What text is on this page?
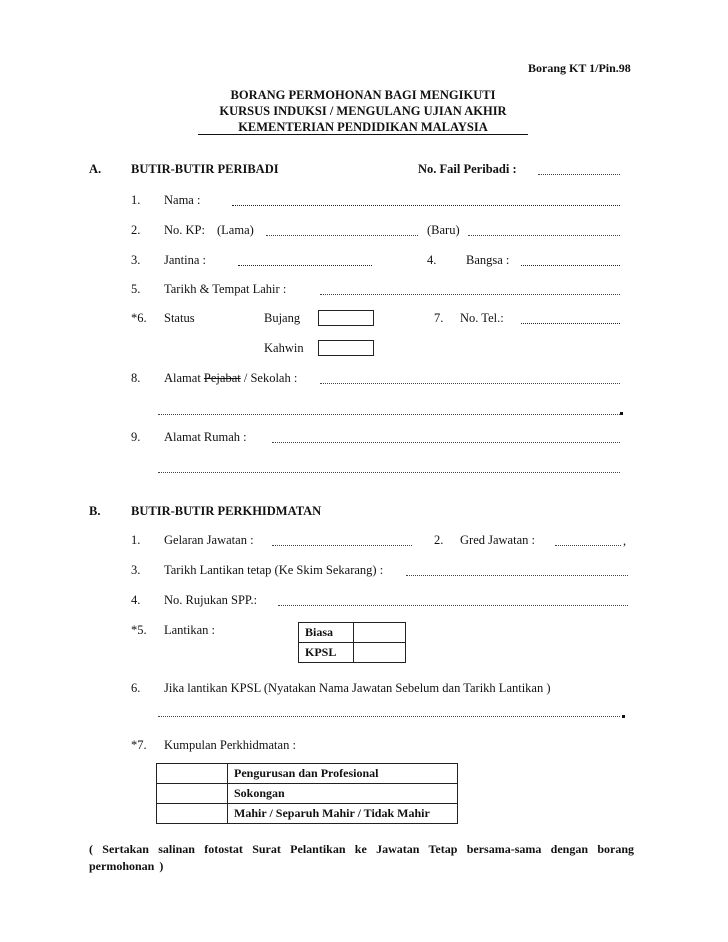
Borang KT 1/Pin.98
BORANG PERMOHONAN BAGI MENGIKUTI
KURSUS INDUKSI / MENGULANG UJIAN AKHIR
KEMENTERIAN PENDIDIKAN MALAYSIA
A. BUTIR-BUTIR PERIBADI	No. Fail Peribadi :
1. Nama :
2. No. KP: (Lama)	(Baru)
3. Jantina :	4. Bangsa :
5. Tarikh & Tempat Lahir :
*6. Status	Bujang	7. No. Tel.:
Kahwin
8. Alamat Pejabat / Sekolah :
9. Alamat Rumah :
B. BUTIR-BUTIR PERKHIDMATAN
1. Gelaran Jawatan :	2. Gred Jawatan :	,
3. Tarikh Lantikan tetap (Ke Skim Sekarang) :
4. No. Rujukan SPP.:
*5. Lantikan :	Biasa	
KPSL	
6. Jika lantikan KPSL (Nyatakan Nama Jawatan Sebelum dan Tarikh Lantikan )
*7. Kumpulan Perkhidmatan :
	Pengurusan dan Profesional
	Sokongan
	Mahir / Separuh Mahir / Tidak Mahir
( Sertakan salinan fotostat Surat Pelantikan ke Jawatan Tetap bersama-sama dengan borang permohonan )
